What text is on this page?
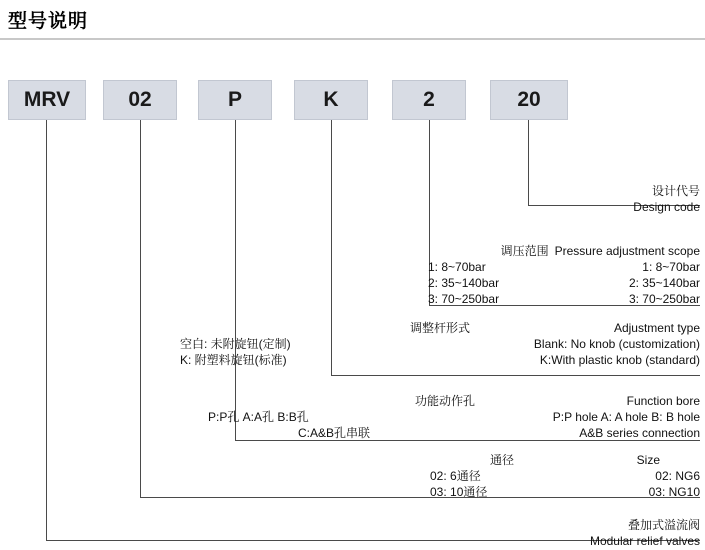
型号说明
MRV	02	P	K	2	20
设计代号
Design code
调压范围 Pressure adjustment scope
1: 8~70bar	1: 8~70bar
2: 35~140bar	2: 35~140bar
3: 70~250bar	3: 70~250bar
调整杆形式	Adjustment type
空白: 未附旋钮(定制)	Blank: No knob (customization)
K: 附塑料旋钮(标准)	K:With plastic knob (standard)
功能动作孔	Function bore
P:P孔 A:A孔 B:B孔	P:P hole A: A hole B: B hole
C:A&B孔串联	A&B series connection
通径	Size
02: 6通径	02: NG6
03: 10通径	03: NG10
叠加式溢流阀
Modular relief valves
